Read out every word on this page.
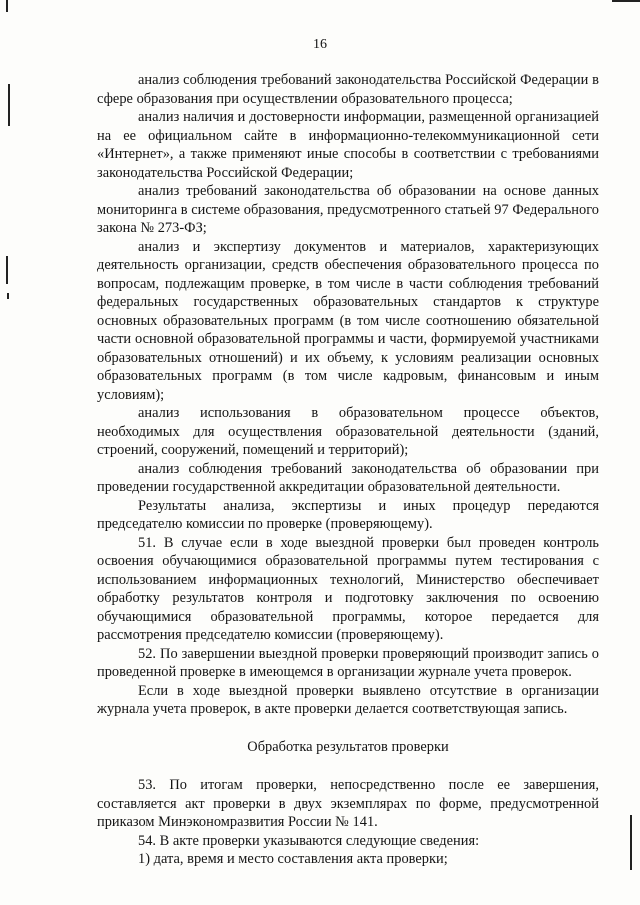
16

анализ соблюдения требований законодательства Российской Федерации в сфере образования при осуществлении образовательного процесса;

анализ наличия и достоверности информации, размещенной организацией на ее официальном сайте в информационно-телекоммуникационной сети «Интернет», а также применяют иные способы в соответствии с требованиями законодательства Российской Федерации;

анализ требований законодательства об образовании на основе данных мониторинга в системе образования, предусмотренного статьей 97 Федерального закона № 273-ФЗ;

анализ и экспертизу документов и материалов, характеризующих деятельность организации, средств обеспечения образовательного процесса по вопросам, подлежащим проверке, в том числе в части соблюдения требований федеральных государственных образовательных стандартов к структуре основных образовательных программ (в том числе соотношению обязательной части основной образовательной программы и части, формируемой участниками образовательных отношений) и их объему, к условиям реализации основных образовательных программ (в том числе кадровым, финансовым и иным условиям);

анализ использования в образовательном процессе объектов, необходимых для осуществления образовательной деятельности (зданий, строений, сооружений, помещений и территорий);

анализ соблюдения требований законодательства об образовании при проведении государственной аккредитации образовательной деятельности.

Результаты анализа, экспертизы и иных процедур передаются председателю комиссии по проверке (проверяющему).

51. В случае если в ходе выездной проверки был проведен контроль освоения обучающимися образовательной программы путем тестирования с использованием информационных технологий, Министерство обеспечивает обработку результатов контроля и подготовку заключения по освоению обучающимися образовательной программы, которое передается для рассмотрения председателю комиссии (проверяющему).

52. По завершении выездной проверки проверяющий производит запись о проведенной проверке в имеющемся в организации журнале учета проверок.

Если в ходе выездной проверки выявлено отсутствие в организации журнала учета проверок, в акте проверки делается соответствующая запись.

Обработка результатов проверки

53. По итогам проверки, непосредственно после ее завершения, составляется акт проверки в двух экземплярах по форме, предусмотренной приказом Минэкономразвития России № 141.

54. В акте проверки указываются следующие сведения:

1) дата, время и место составления акта проверки;
